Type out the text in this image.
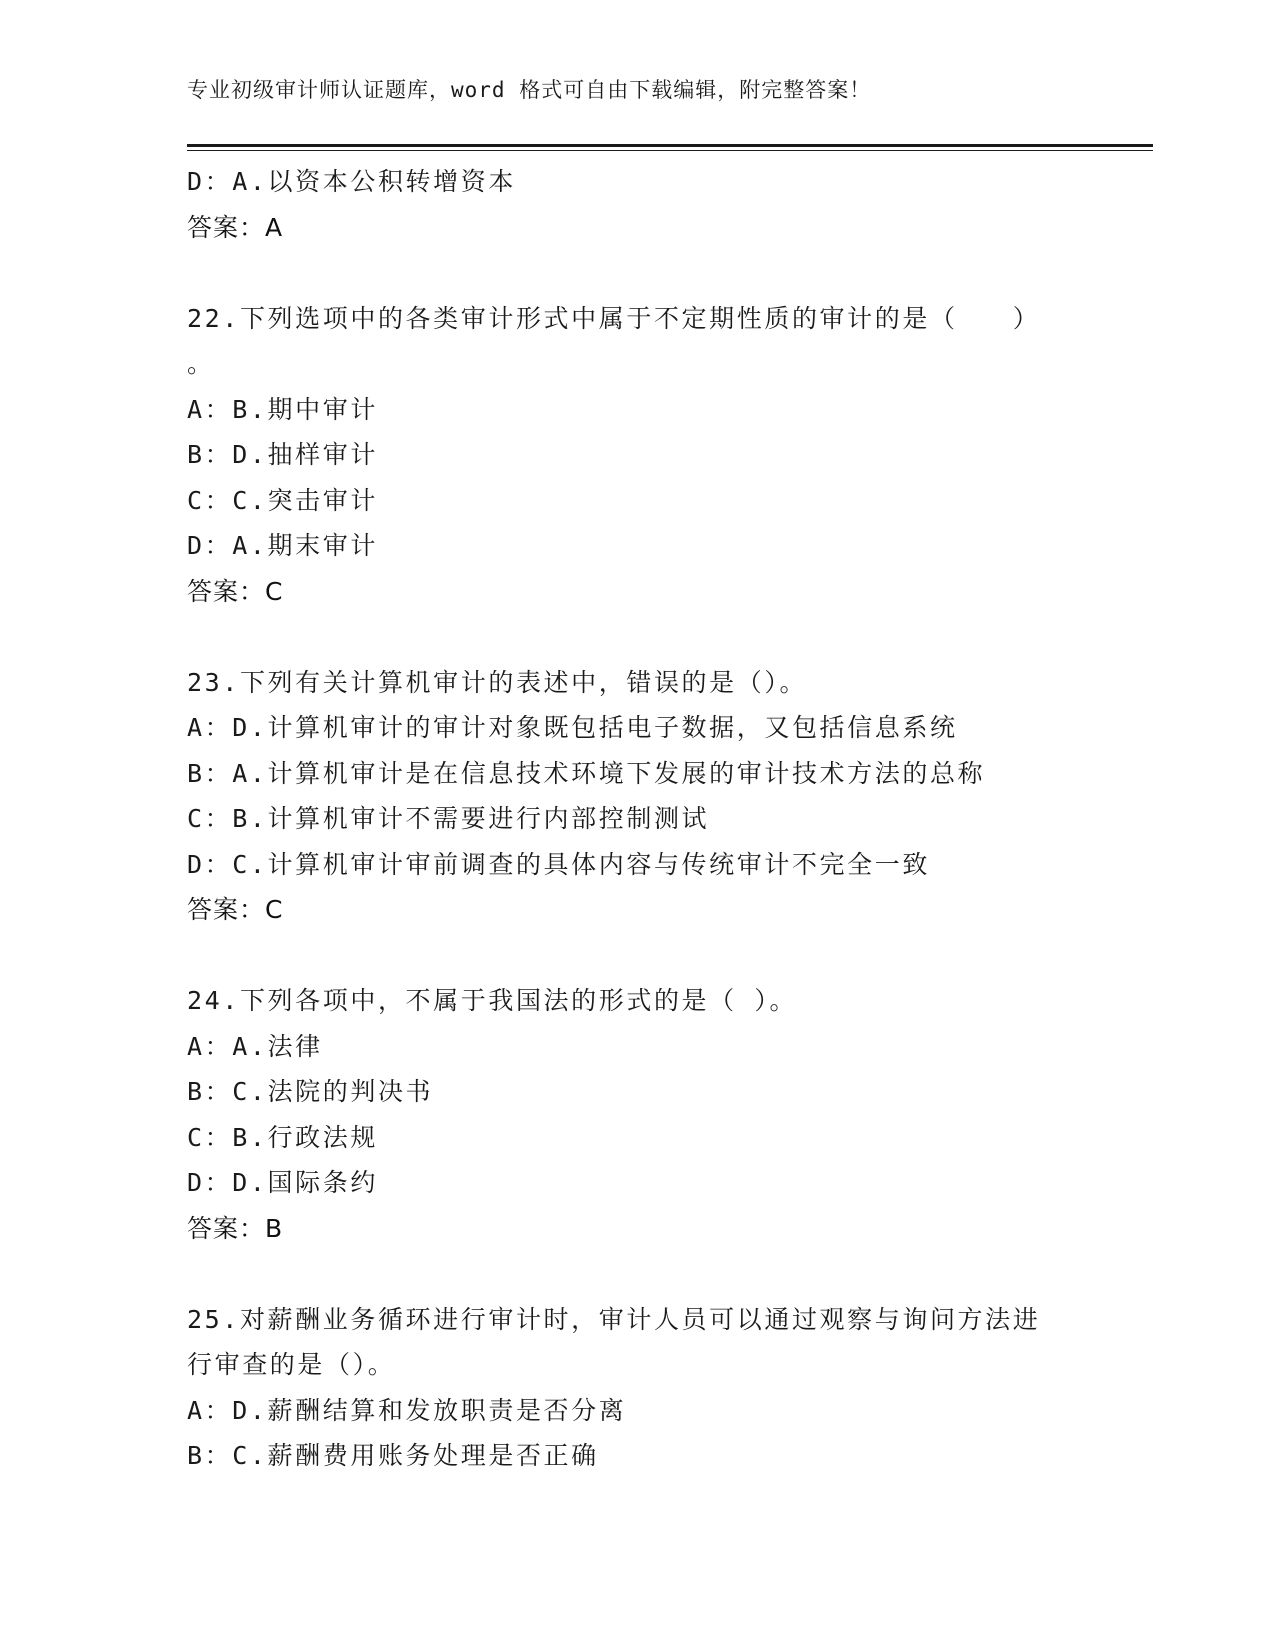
专业初级审计师认证题库，word 格式可自由下载编辑，附完整答案！
D：A.以资本公积转增资本
答案：A
22.下列选项中的各类审计形式中属于不定期性质的审计的是（　　）
。
A：B.期中审计
B：D.抽样审计
C：C.突击审计
D：A.期末审计
答案：C
23.下列有关计算机审计的表述中，错误的是（）。
A：D.计算机审计的审计对象既包括电子数据，又包括信息系统
B：A.计算机审计是在信息技术环境下发展的审计技术方法的总称
C：B.计算机审计不需要进行内部控制测试
D：C.计算机审计审前调查的具体内容与传统审计不完全一致
答案：C
24.下列各项中，不属于我国法的形式的是（ ）。
A：A.法律
B：C.法院的判决书
C：B.行政法规
D：D.国际条约
答案：B
25.对薪酬业务循环进行审计时，审计人员可以通过观察与询问方法进
行审查的是（）。
A：D.薪酬结算和发放职责是否分离
B：C.薪酬费用账务处理是否正确
